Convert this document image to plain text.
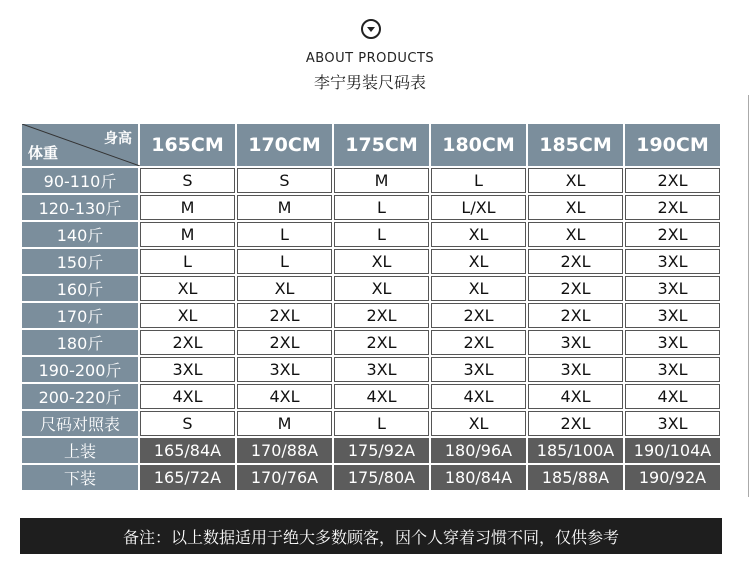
ABOUT PRODUCTS
李宁男装尺码表
身高
体重	165CM	170CM	175CM	180CM	185CM	190CM
90-110斤	S	S	M	L	XL	2XL
120-130斤	M	M	L	L/XL	XL	2XL
140斤	M	L	L	XL	XL	2XL
150斤	L	L	XL	XL	2XL	3XL
160斤	XL	XL	XL	XL	2XL	3XL
170斤	XL	2XL	2XL	2XL	2XL	3XL
180斤	2XL	2XL	2XL	2XL	3XL	3XL
190-200斤	3XL	3XL	3XL	3XL	3XL	3XL
200-220斤	4XL	4XL	4XL	4XL	4XL	4XL
尺码对照表	S	M	L	XL	2XL	3XL
上装	165/84A	170/88A	175/92A	180/96A	185/100A	190/104A
下装	165/72A	170/76A	175/80A	180/84A	185/88A	190/92A
备注：以上数据适用于绝大多数顾客，因个人穿着习惯不同，仅供参考
